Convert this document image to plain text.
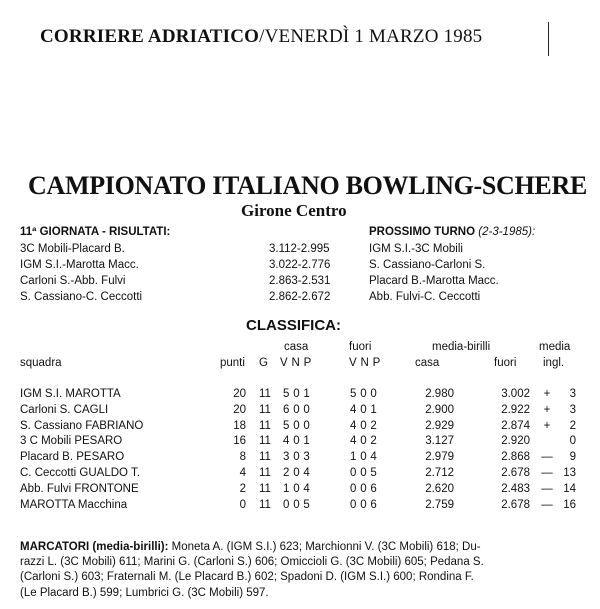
CORRIERE ADRIATICO/VENERDÌ 1 MARZO 1985
CAMPIONATO ITALIANO BOWLING-SCHERE
Girone Centro
11ª GIORNATA - RISULTATI:
3C Mobili-Placard B.	3.112-2.995
IGM S.I.-Marotta Macc.	3.022-2.776
Carloni S.-Abb. Fulvi	2.863-2.531
S. Cassiano-C. Ceccotti	2.862-2.672
PROSSIMO TURNO (2-3-1985):
IGM S.I.-3C Mobili
S. Cassiano-Carloni S.
Placard B.-Marotta Macc.
Abb. Fulvi-C. Ceccotti
CLASSIFICA:
casa	fuori	media-birilli	media
squadra	punti G V N P	V N P	casa	fuori ingl.
IGM S.I. MAROTTA	20 11 5 0 1	5 0 0	2.980	3.002	+	3
Carloni S. CAGLI	20 11 6 0 0	4 0 1	2.900	2.922	+	3
S. Cassiano FABRIANO	18 11 5 0 0	4 0 2	2.929	2.874	+	2
3 C Mobili PESARO	16 11 4 0 1	4 0 2	3.127	2.920	0
Placard B. PESARO	8 11 3 0 3	1 0 4	2.979	2.868 —	9
C. Ceccotti GUALDO T.	4 11 2 0 4	0 0 5	2.712	2.678 — 13
Abb. Fulvi FRONTONE	2 11 1 0 4	0 0 6	2.620	2.483 — 14
MAROTTA Macchina	0 11 0 0 5	0 0 6	2.759	2.678 — 16
MARCATORI (media-birilli): Moneta A. (IGM S.I.) 623; Marchionni V. (3C Mobili) 618; Du-
razzi L. (3C Mobili) 611; Marini G. (Carloni S.) 606; Omiccioli G. (3C Mobili) 605; Pedana S.
(Carloni S.) 603; Fraternali M. (Le Placard B.) 602; Spadoni D. (IGM S.I.) 600; Rondina F.
(Le Placard B.) 599; Lumbrici G. (3C Mobili) 597.
